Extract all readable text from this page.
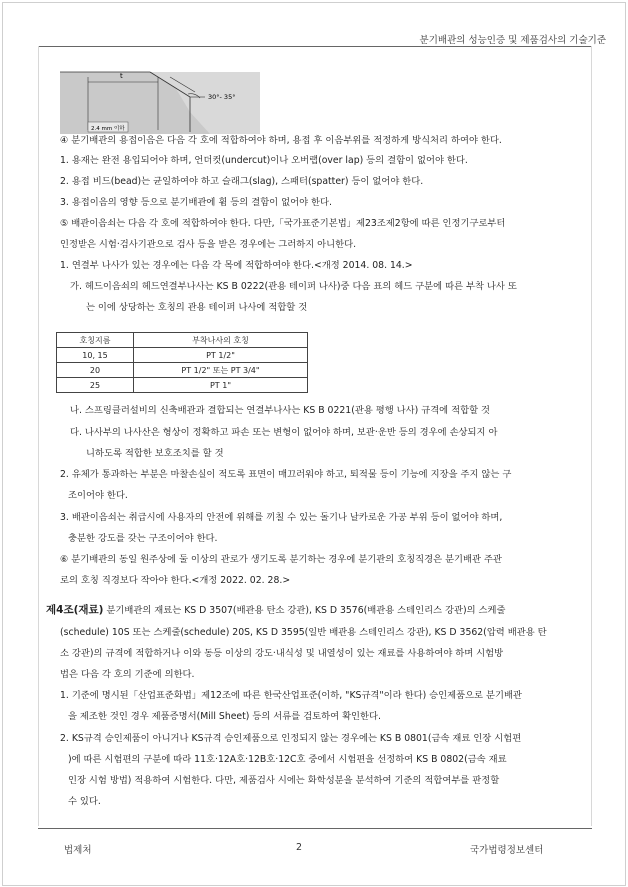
분기배관의 성능인증 및 제품검사의 기술기준
t
30°- 35°
2.4 mm 이하
④ 분기배관의 용접이음은 다음 각 호에 적합하여야 하며, 용접 후 이음부위를 적정하게 방식처리 하여야 한다.
1. 용재는 완전 용입되어야 하며, 언더컷(undercut)이나 오버랩(over lap) 등의 결함이 없어야 한다.
2. 용접 비드(bead)는 균일하여야 하고 슬래그(slag), 스패터(spatter) 등이 없어야 한다.
3. 용접이음의 영향 등으로 분기배관에 휨 등의 결함이 없어야 한다.
⑤ 배관이음쇠는 다음 각 호에 적합하여야 한다. 다만,「국가표준기본법」제23조제2항에 따른 인정기구로부터
인정받은 시험·검사기관으로 검사 등을 받은 경우에는 그러하지 아니한다.
1. 연결부 나사가 있는 경우에는 다음 각 목에 적합하여야 한다.<개정 2014. 08. 14.>
가. 헤드이음쇠의 헤드연결부나사는 KS B 0222(관용 테이퍼 나사)중 다음 표의 헤드 구분에 따른 부착 나사 또
는 이에 상당하는 호칭의 관용 테이퍼 나사에 적합할 것
호칭지름	부착나사의 호칭
10, 15	PT 1/2"
20	PT 1/2" 또는 PT 3/4"
25	PT 1"
나. 스프링클러설비의 신축배관과 결합되는 연결부나사는 KS B 0221(관용 평행 나사) 규격에 적합할 것
다. 나사부의 나사산은 형상이 정확하고 파손 또는 변형이 없어야 하며, 보관·운반 등의 경우에 손상되지 아
니하도록 적합한 보호조치를 할 것
2. 유체가 통과하는 부분은 마찰손실이 적도록 표면이 매끄러워야 하고, 퇴적물 등이 기능에 지장을 주지 않는 구
조이어야 한다.
3. 배관이음쇠는 취급시에 사용자의 안전에 위해를 끼칠 수 있는 돌기나 날카로운 가공 부위 등이 없어야 하며,
충분한 강도를 갖는 구조이어야 한다.
⑥ 분기배관의 동일 원주상에 둘 이상의 관로가 생기도록 분기하는 경우에 분기관의 호칭직경은 분기배관 주관
로의 호칭 직경보다 작아야 한다.<개정 2022. 02. 28.>
제4조(재료) 분기배관의 재료는 KS D 3507(배관용 탄소 강관), KS D 3576(배관용 스테인리스 강관)의 스케줄
(schedule) 10S 또는 스케줄(schedule) 20S, KS D 3595(일반 배관용 스테인리스 강관), KS D 3562(압력 배관용 탄
소 강관)의 규격에 적합하거나 이와 동등 이상의 강도·내식성 및 내열성이 있는 재료를 사용하여야 하며 시험방
법은 다음 각 호의 기준에 의한다.
1. 기준에 명시된「산업표준화법」제12조에 따른 한국산업표준(이하, "KS규격"이라 한다) 승인제품으로 분기배관
을 제조한 것인 경우 제품증명서(Mill Sheet) 등의 서류를 검토하여 확인한다.
2. KS규격 승인제품이 아니거나 KS규격 승인제품으로 인정되지 않는 경우에는 KS B 0801(금속 재료 인장 시험편
)에 따른 시험편의 구분에 따라 11호·12A호·12B호·12C호 중에서 시험편을 선정하여 KS B 0802(금속 재료
인장 시험 방법) 적용하여 시험한다. 다만, 제품검사 시에는 화학성분을 분석하여 기준의 적합여부를 판정할
수 있다.
법제처	2	국가법령정보센터
